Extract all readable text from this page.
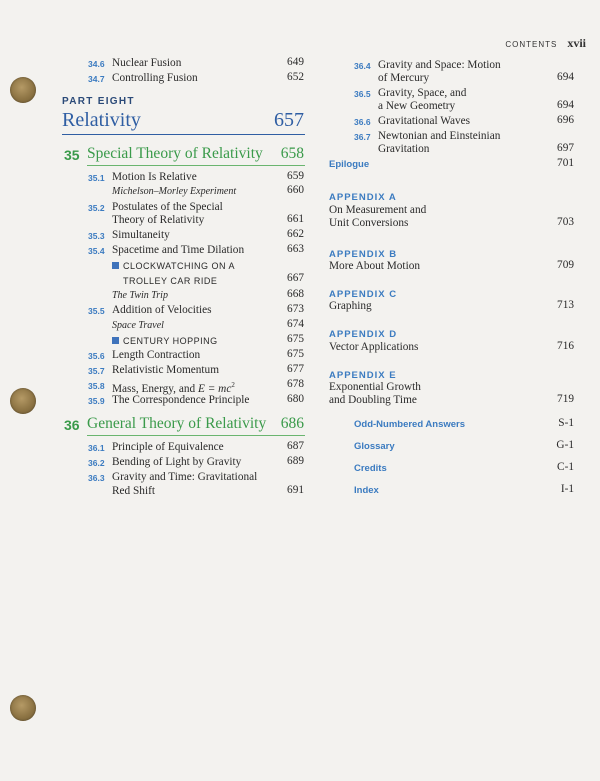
CONTENTS xvii
34.6 Nuclear Fusion	649
34.7 Controlling Fusion	652
PART EIGHT
Relativity	657
35 Special Theory of Relativity	658
35.1 Motion Is Relative	659
Michelson–Morley Experiment	660
35.2 Postulates of the Special
Theory of Relativity	661
35.3 Simultaneity	662
35.4 Spacetime and Time Dilation	663
CLOCKWATCHING ON A
TROLLEY CAR RIDE	667
The Twin Trip	668
35.5 Addition of Velocities	673
Space Travel	674
CENTURY HOPPING	675
35.6 Length Contraction	675
35.7 Relativistic Momentum	677
35.8 Mass, Energy, and $E = mc^2$	678
35.9 The Correspondence Principle	680
36 General Theory of Relativity 686
36.1 Principle of Equivalence	687
36.2 Bending of Light by Gravity	689
36.3 Gravity and Time: Gravitational
Red Shift	691
36.4 Gravity and Space: Motion
of Mercury	694
36.5 Gravity, Space, and
a New Geometry	694
36.6 Gravitational Waves	696
36.7 Newtonian and Einsteinian
Gravitation	697
Epilogue	701
APPENDIX A
On Measurement and
Unit Conversions	703
APPENDIX B
More About Motion	709
APPENDIX C
Graphing	713
APPENDIX D
Vector Applications	716
APPENDIX E
Exponential Growth
and Doubling Time	719
Odd-Numbered Answers	S-1
Glossary	G-1
Credits	C-1
Index	I-1
